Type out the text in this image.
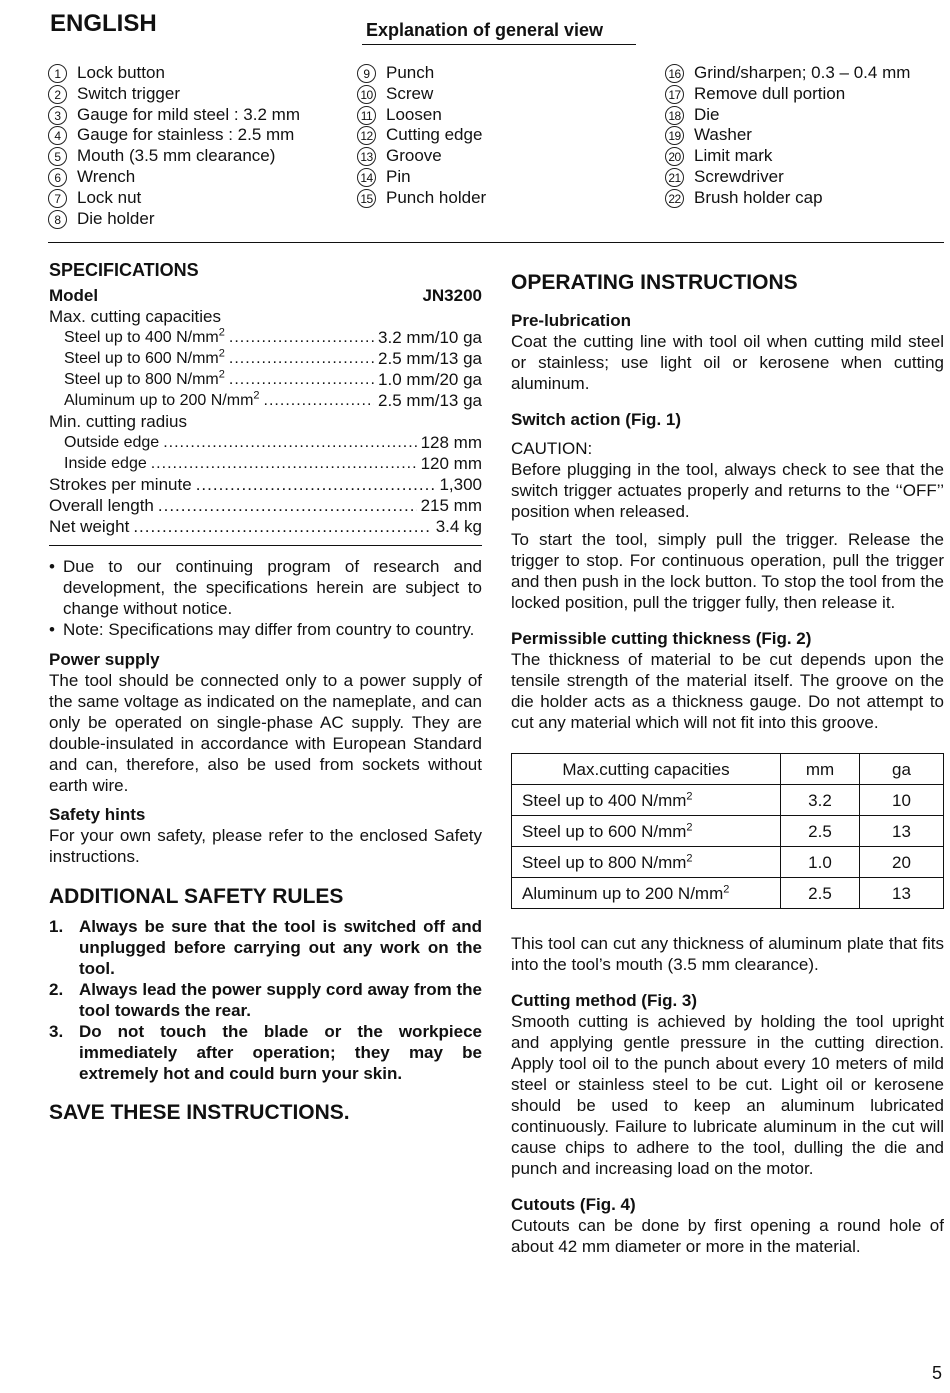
ENGLISH	Explanation of general view
1 Lock button
2 Switch trigger
3 Gauge for mild steel : 3.2 mm
4 Gauge for stainless : 2.5 mm
5 Mouth (3.5 mm clearance)
6 Wrench
7 Lock nut
8 Die holder
9 Punch
10 Screw
11 Loosen
12 Cutting edge
13 Groove
14 Pin
15 Punch holder
16 Grind/sharpen; 0.3 – 0.4 mm
17 Remove dull portion
18 Die
19 Washer
20 Limit mark
21 Screwdriver
22 Brush holder cap
SPECIFICATIONS
Model	JN3200
Max. cutting capacities
Steel up to 400 $N/mm^2$ .....	3.2 mm/10 ga
Steel up to 600 $N/mm^2$ .....	2.5 mm/13 ga
Steel up to 800 $N/mm^2$ .....	1.0 mm/20 ga
Aluminum up to 200 $N/mm^2$ .....	2.5 mm/13 ga
Min. cutting radius
Outside edge .....	128 mm
Inside edge .....	120 mm
Strokes per minute .....	1,300
Overall length .....	215 mm
Net weight .....	3.4 kg
• Due to our continuing program of research and development, the specifications herein are subject to change without notice.
• Note: Specifications may differ from country to country.
Power supply
The tool should be connected only to a power supply of the same voltage as indicated on the nameplate, and can only be operated on single-phase AC supply. They are double-insulated in accordance with European Standard and can, therefore, also be used from sockets without earth wire.
Safety hints
For your own safety, please refer to the enclosed Safety instructions.
ADDITIONAL SAFETY RULES
1. Always be sure that the tool is switched off and unplugged before carrying out any work on the tool.
2. Always lead the power supply cord away from the tool towards the rear.
3. Do not touch the blade or the workpiece immediately after operation; they may be extremely hot and could burn your skin.
SAVE THESE INSTRUCTIONS.
OPERATING INSTRUCTIONS
Pre-lubrication
Coat the cutting line with tool oil when cutting mild steel or stainless; use light oil or kerosene when cutting aluminum.
Switch action (Fig. 1)
CAUTION:
Before plugging in the tool, always check to see that the switch trigger actuates properly and returns to the ‘‘OFF’’ position when released.
To start the tool, simply pull the trigger. Release the trigger to stop. For continuous operation, pull the trigger and then push in the lock button. To stop the tool from the locked position, pull the trigger fully, then release it.
Permissible cutting thickness (Fig. 2)
The thickness of material to be cut depends upon the tensile strength of the material itself. The groove on the die holder acts as a thickness gauge. Do not attempt to cut any material which will not fit into this groove.
Max.cutting capacities	mm	ga
Steel up to 400 $N/mm^2$	3.2	10
Steel up to 600 $N/mm^2$	2.5	13
Steel up to 800 $N/mm^2$	1.0	20
Aluminum up to 200 $N/mm^2$	2.5	13
This tool can cut any thickness of aluminum plate that fits into the tool’s mouth (3.5 mm clearance).
Cutting method (Fig. 3)
Smooth cutting is achieved by holding the tool upright and applying gentle pressure in the cutting direction. Apply tool oil to the punch about every 10 meters of mild steel or stainless steel to be cut. Light oil or kerosene should be used to keep an aluminum lubricated continuously. Failure to lubricate aluminum in the cut will cause chips to adhere to the tool, dulling the die and punch and increasing load on the motor.
Cutouts (Fig. 4)
Cutouts can be done by first opening a round hole of about 42 mm diameter or more in the material.
5
